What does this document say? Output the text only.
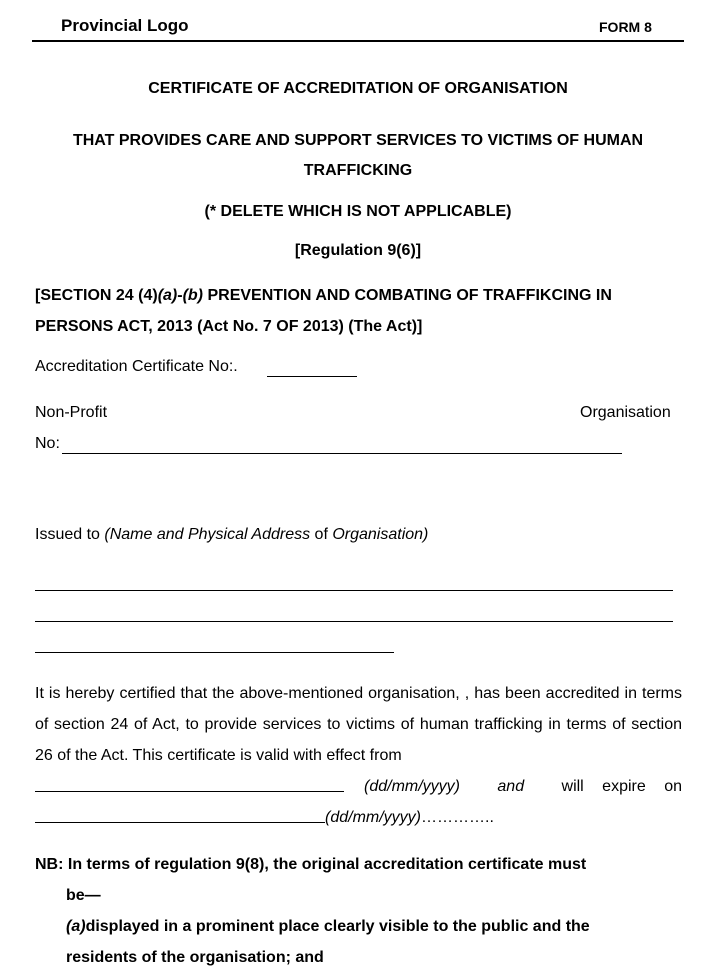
Provincial Logo	FORM 8
CERTIFICATE OF ACCREDITATION OF ORGANISATION
THAT PROVIDES CARE AND SUPPORT SERVICES TO VICTIMS OF HUMAN TRAFFICKING
(* DELETE WHICH IS NOT APPLICABLE)
[Regulation 9(6)]
[SECTION 24 (4)(a)-(b) PREVENTION AND COMBATING OF TRAFFIKCING IN PERSONS ACT, 2013 (Act No. 7 OF 2013) (The Act)]
Accreditation Certificate No:.
Non-Profit	Organisation
No:
Issued to (Name and Physical Address of Organisation)
It is hereby certified that the above-mentioned organisation, , has been accredited in terms of section 24 of Act, to provide services to victims of human trafficking in terms of section 26 of the Act. This certificate is valid with effect from
(dd/mm/yyyy) and will expire on
(dd/mm/yyyy)…………..
NB: In terms of regulation 9(8), the original accreditation certificate must
be—
(a)displayed in a prominent place clearly visible to the public and the
residents of the organisation; and
